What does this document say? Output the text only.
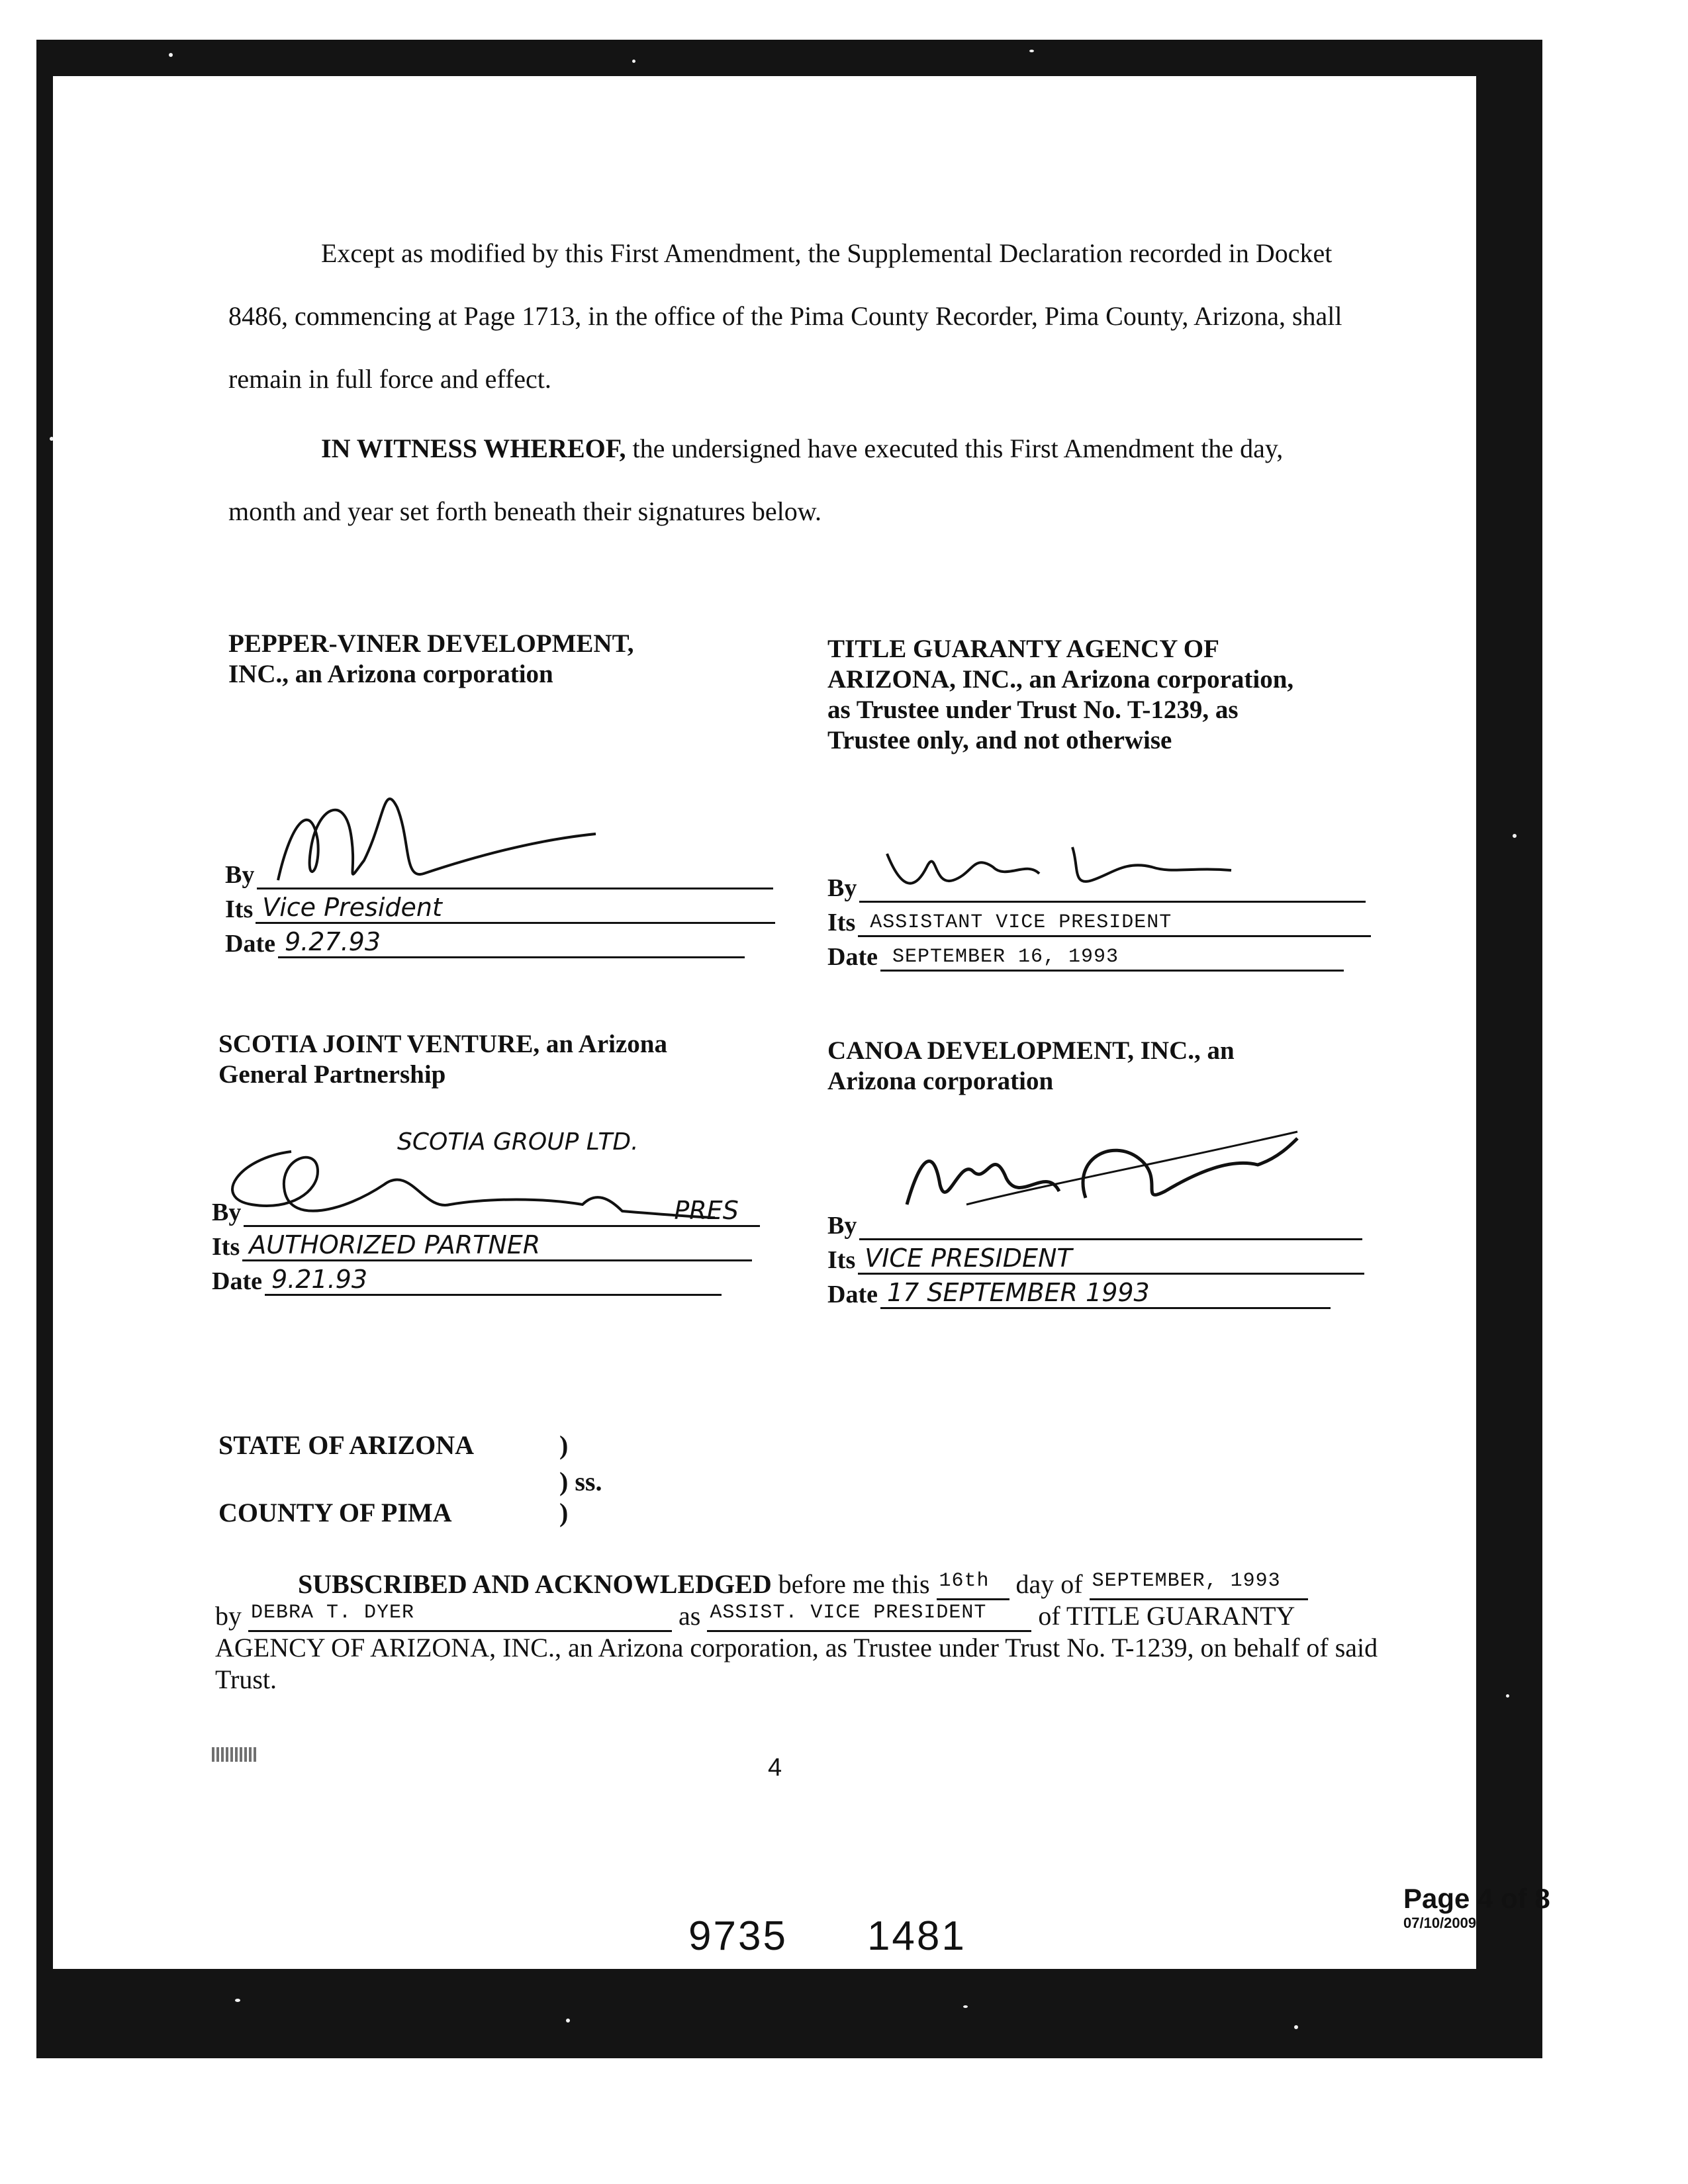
Except as modified by this First Amendment, the Supplemental Declaration recorded in Docket 8486, commencing at Page 1713, in the office of the Pima County Recorder, Pima County, Arizona, shall remain in full force and effect.
IN WITNESS WHEREOF, the undersigned have executed this First Amendment the day, month and year set forth beneath their signatures below.
PEPPER-VINER DEVELOPMENT,
INC., an Arizona corporation
By
Its Vice President
Date 9.27.93
TITLE GUARANTY AGENCY OF
ARIZONA, INC., an Arizona corporation,
as Trustee under Trust No. T-1239, as
Trustee only, and not otherwise
By
Its ASSISTANT VICE PRESIDENT
Date SEPTEMBER 16, 1993
SCOTIA JOINT VENTURE, an Arizona
General Partnership
SCOTIA GROUP LTD.
By	PRES
Its AUTHORIZED PARTNER
Date 9.21.93
CANOA DEVELOPMENT, INC., an
Arizona corporation
By
Its VICE PRESIDENT
Date 17 SEPTEMBER 1993
STATE OF ARIZONA	)
) ss.
COUNTY OF PIMA	)
SUBSCRIBED AND ACKNOWLEDGED before me this 16th day of SEPTEMBER, 1993
by DEBRA T. DYER	as ASSIST. VICE PRESIDENT of TITLE GUARANTY
AGENCY OF ARIZONA, INC., an Arizona corporation, as Trustee under Trust No. T-1239, on behalf of said Trust.
4
9735 1481
Page 4 of 8
07/10/2009
